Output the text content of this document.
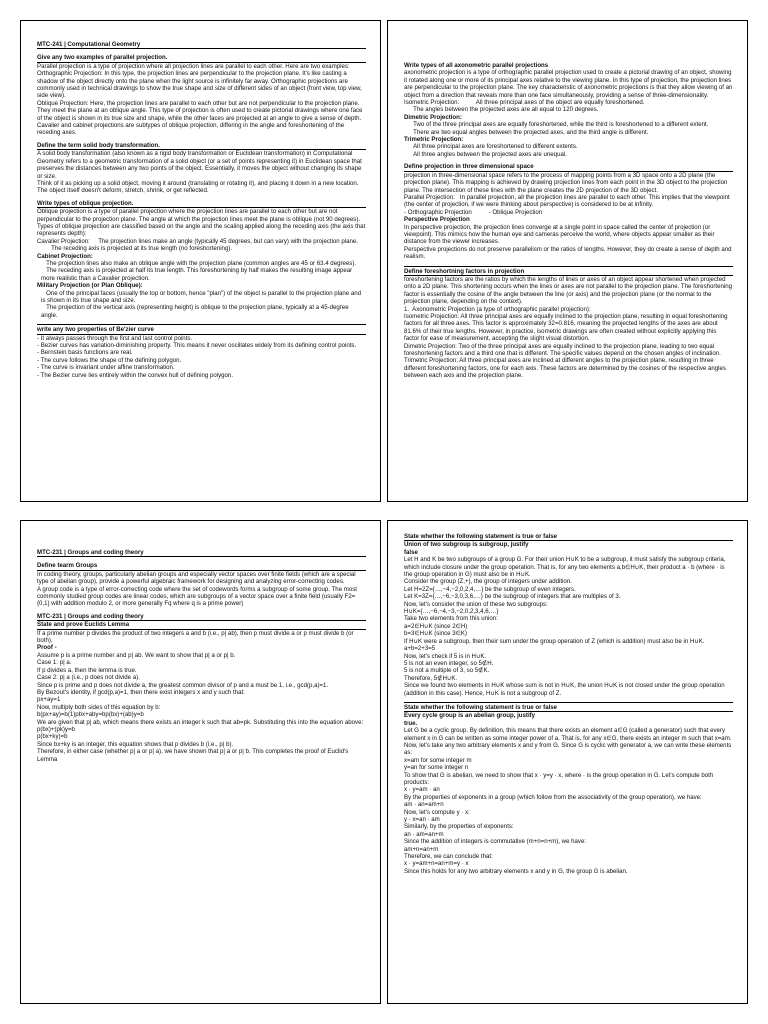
MTC-241 | Computational Geometry
Give any two examples of parallel projection.
Parallel projection is a type of projection where all projection lines are parallel to each other. Here are two examples:
Orthographic Projection: In this type, the projection lines are perpendicular to the projection plane. It's like casting a shadow of the object directly onto the plane when the light source is infinitely far away. Orthographic projections are commonly used in technical drawings to show the true shape and size of different sides of an object (front view, top view, side view).
Oblique Projection: Here, the projection lines are parallel to each other but are not perpendicular to the projection plane. They meet the plane at an oblique angle. This type of projection is often used to create pictorial drawings where one face of the object is shown in its true size and shape, while the other faces are projected at an angle to give a sense of depth. Cavalier and cabinet projections are subtypes of oblique projection, differing in the angle and foreshortening of the receding axes.
Define the term solid body transformation.
A solid body transformation (also known as a rigid body transformation or Euclidean transformation) in Computational Geometry refers to a geometric transformation of a solid object (or a set of points representing it) in Euclidean space that preserves the distances between any two points of the object. Essentially, it moves the object without changing its shape or size.
Think of it as picking up a solid object, moving it around (translating or rotating it), and placing it down in a new location. The object itself doesn't deform, stretch, shrink, or get reflected.
Write types of oblique projection.
Oblique projection is a type of parallel projection where the projection lines are parallel to each other but are not perpendicular to the projection plane. The angle at which the projection lines meet the plane is oblique (not 90 degrees).
Types of oblique projection are classified based on the angle and the scaling applied along the receding axis (the axis that represents depth):
Cavalier Projection:     The projection lines make an angle (typically 45 degrees, but can vary) with the projection plane.
The receding axis is projected at its true length (no foreshortening).
Cabinet Projection:
The projection lines also make an oblique angle with the projection plane (common angles are 45 or 63.4 degrees).
The receding axis is projected at half its true length. This foreshortening by half makes the resulting image appear more realistic than a Cavalier projection.
Military Projection (or Plan Oblique):
One of the principal faces (usually the top or bottom, hence "plan") of the object is parallel to the projection plane and is shown in its true shape and size.
The projection of the vertical axis (representing height) is oblique to the projection plane, typically at a 45-degree angle.
write any two properties of Be'zier curve
- It always passes through the first and last control points.
- Bezier curves has variation-diminishing property. This means it never oscillates widely from its defining control points.
- Bernstein basis functions are real.
- The curve follows the shape of the defining polygon.
- The curve is invariant under affine transformation.
- The Bezier curve lies entirely within the convex hull of defining polygon.
Write types of all axonometric parallel projections
axonometric projection is a type of orthographic parallel projection used to create a pictorial drawing of an object, showing it rotated along one or more of its principal axes relative to the viewing plane. In this type of projection, the projection lines are perpendicular to the projection plane. The key characteristic of axonometric projections is that they allow viewing of an object from a direction that reveals more than one face simultaneously, providing a sense of three-dimensionality.
Isometric Projection:          All three principal axes of the object are equally foreshortened.
The angles between the projected axes are all equal to 120 degrees.
Dimetric Projection:
Two of the three principal axes are equally foreshortened, while the third is foreshortened to a different extent.
There are two equal angles between the projected axes, and the third angle is different.
Trimetric Projection:
All three principal axes are foreshortened to different extents.
All three angles between the projected axes are unequal.
Define projection in three dimensional space
projection in three-dimensional space refers to the process of mapping points from a 3D space onto a 2D plane (the projection plane). This mapping is achieved by drawing projection lines from each point in the 3D object to the projection plane. The intersection of these lines with the plane creates the 2D projection of the 3D object.
Parallel Projection:   In parallel projection, all the projection lines are parallel to each other. This implies that the viewpoint (the center of projection, if we were thinking about perspective) is considered to be at infinity.
- Orthographic Projection          - Oblique Projection
Perspective Projection
In perspective projection, the projection lines converge at a single point in space called the center of projection (or viewpoint). This mimics how the human eye and cameras perceive the world, where objects appear smaller as their distance from the viewer increases.
Perspective projections do not preserve parallelism or the ratios of lengths. However, they do create a sense of depth and realism.
Define foreshortning factors in projection
foreshortening factors are the ratios by which the lengths of lines or axes of an object appear shortened when projected onto a 2D plane. This shortening occurs when the lines or axes are not parallel to the projection plane. The foreshortening factor is essentially the cosine of the angle between the line (or axis) and the projection plane (or the normal to the projection plane, depending on the context).
1.  Axonometric Projection (a type of orthographic parallel projection):
Isometric Projection: All three principal axes are equally inclined to the projection plane, resulting in equal foreshortening factors for all three axes. This factor is approximately 32=0.816, meaning the projected lengths of the axes are about 81.6% of their true lengths. However, in practice, isometric drawings are often created without explicitly applying this factor for ease of measurement, accepting the slight visual distortion.
Dimetric Projection: Two of the three principal axes are equally inclined to the projection plane, leading to two equal foreshortening factors and a third one that is different. The specific values depend on the chosen angles of inclination.
Trimetric Projection: All three principal axes are inclined at different angles to the projection plane, resulting in three different foreshortening factors, one for each axis. These factors are determined by the cosines of the respective angles between each axis and the projection plane.
MTC-231 | Groups and coding theory
Define tearm Groups
In coding theory, groups, particularly abelian groups and especially vector spaces over finite fields (which are a special type of abelian group), provide a powerful algebraic framework for designing and analyzing error-correcting codes.
A group code is a type of error-correcting code where the set of codewords forms a subgroup of some group. The most commonly studied group codes are linear codes, which are subgroups of a vector space over a finite field (usually F2={0,1} with addition modulo 2, or more generally Fq where q is a prime power)
MTC-231 | Groups and coding theory
State and prove Euclids Lemma
If a prime number p divides the product of two integers a and b (i.e., p| ab), then p must divide a or p must divide b (or both).
Proof -
Assume p is a prime number and p| ab. We want to show that p| a or p| b.
Case 1: p| a.
If p divides a, then the lemma is true.
Case 2: p| a (i.e., p does not divide a).
Since p is prime and p does not divide a, the greatest common divisor of p and a must be 1, i.e., gcd(p,a)=1.
By Bezout's identity, if gcd(p,a)=1, then there exist integers x and y such that:
px+ay=1
Now, multiply both sides of this equation by b:
b(px+ay)=b(1)pbx+aby=bp(bx)+(ab)y=b
We are given that p| ab, which means there exists an integer k such that ab=pk. Substituting this into the equation above:
p(bx)+(pk)y=b
p(bx+ky)=b
Since bx+ky is an integer, this equation shows that p divides b (i.e., p| b).
Therefore, in either case (whether p| a or p| a), we have shown that p| a or p| b. This completes the proof of Euclid's Lemma
State whether the following statement is true or false
Union of two subgroup is subgroup, justify
false
Let H and K be two subgroups of a group G. For their union H∪K to be a subgroup, it must satisfy the subgroup criteria, which include closure under the group operation. That is, for any two elements a,b∈H∪K, their product a · b (where · is the group operation in G) must also be in H∪K.
Consider the group (Z,+), the group of integers under addition.
Let H=2Z={…,−4,−2,0,2,4,…} be the subgroup of even integers.
Let K=3Z={…,−6,−3,0,3,6,…} be the subgroup of integers that are multiples of 3.
Now, let's consider the union of these two subgroups:
H∪K={…,−6,−4,−3,−2,0,2,3,4,6,…}
Take two elements from this union:
a=2∈H∪K (since 2∈H)
b=3∈H∪K (since 3∈K)
If H∪K were a subgroup, then their sum under the group operation of Z (which is addition) must also be in H∪K.
a+b=2+3=5
Now, let's check if 5 is in H∪K.
5 is not an even integer, so 5∉H.
5 is not a multiple of 3, so 5∉K.
Therefore, 5∉H∪K.
Since we found two elements in H∪K whose sum is not in H∪K, the union H∪K is not closed under the group operation (addition in this case). Hence, H∪K is not a subgroup of Z.
State whether the following statement is true or false
Every cycle group is an abelian group, justify
true.
Let G be a cyclic group. By definition, this means that there exists an element a∈G (called a generator) such that every element x in G can be written as some integer power of a. That is, for any x∈G, there exists an integer m such that x=am.
Now, let's take any two arbitrary elements x and y from G. Since G is cyclic with generator a, we can write these elements as:
x=am for some integer m
y=an for some integer n
To show that G is abelian, we need to show that x · y=y · x, where · is the group operation in G. Let's compute both products:
x · y=am · an
By the properties of exponents in a group (which follow from the associativity of the group operation), we have:
am · an=am+n
Now, let's compute y · x:
y · x=an · am
Similarly, by the properties of exponents:
an · am=an+m
Since the addition of integers is commutative (m+n=n+m), we have:
am+n=an+m
Therefore, we can conclude that:
x · y=am+n=an+m=y · x
Since this holds for any two arbitrary elements x and y in G, the group G is abelian.
